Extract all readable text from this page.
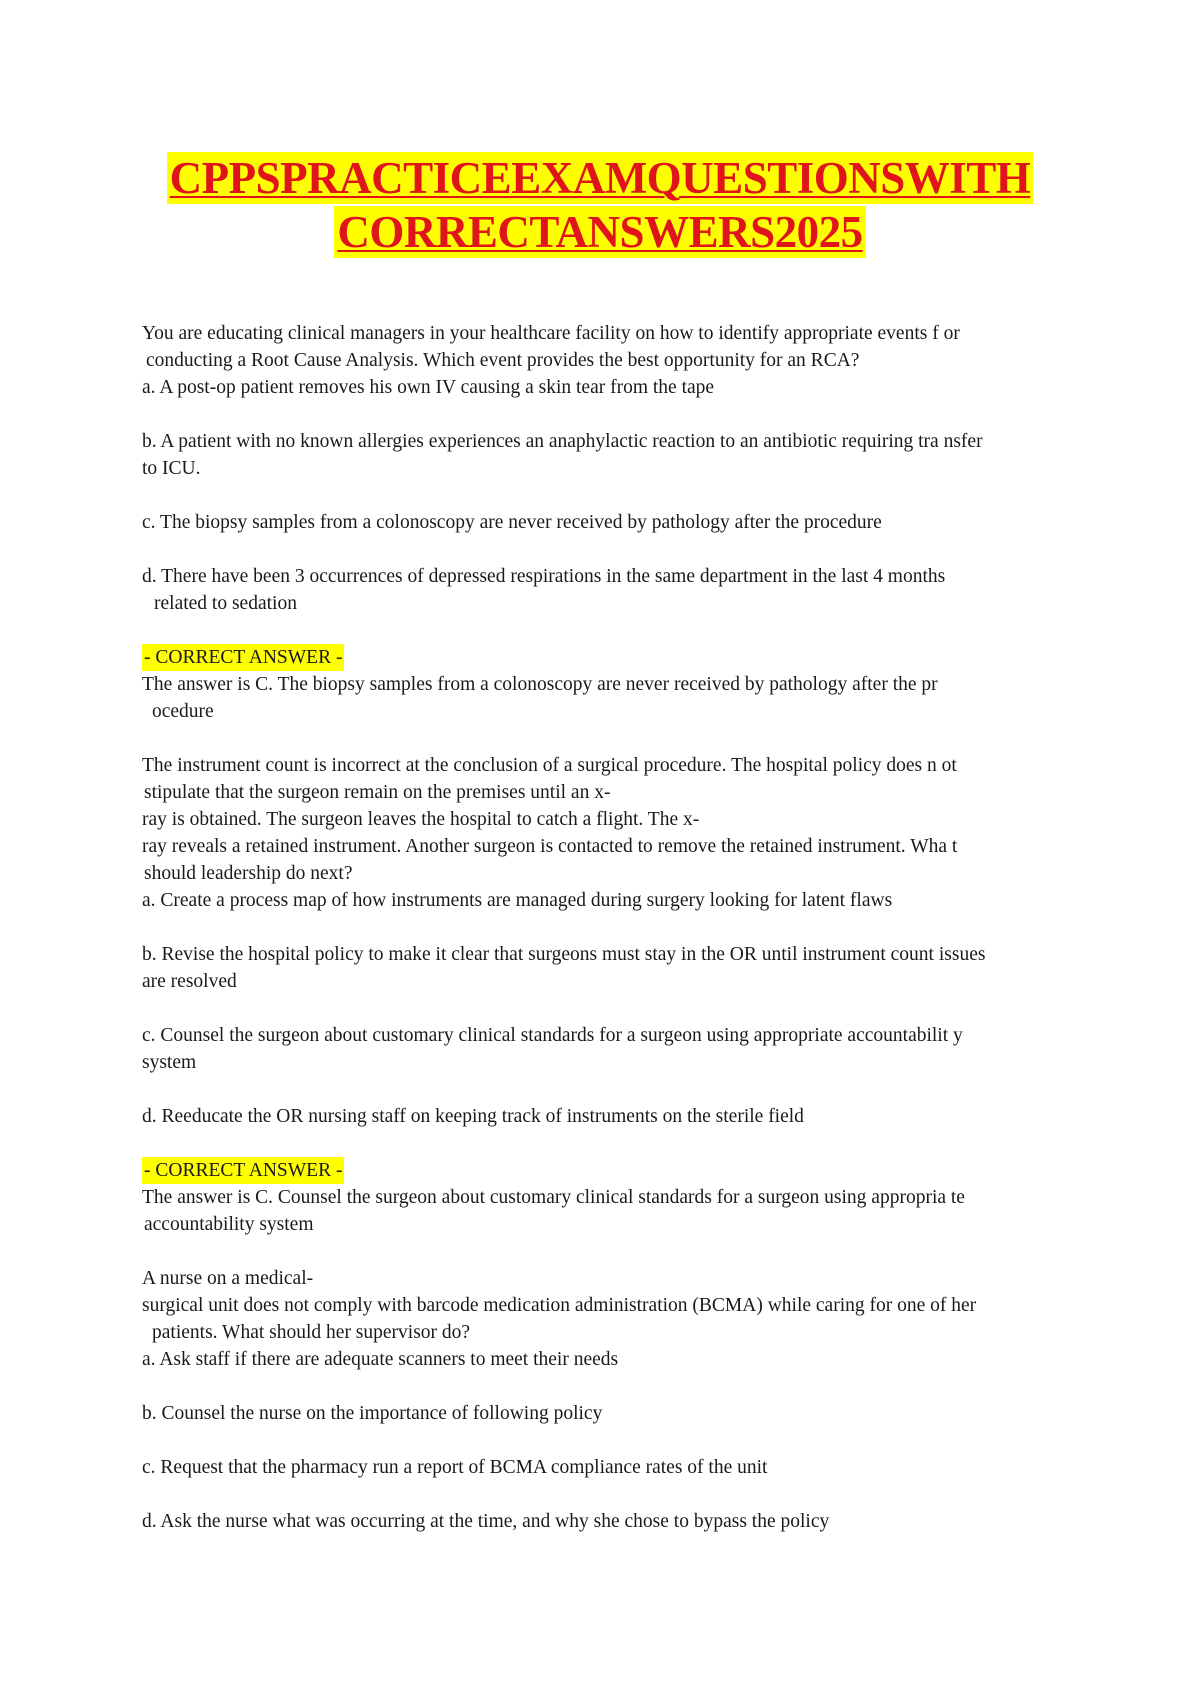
CPPSPRACTICEEXAMQUESTIONSWITH
CORRECTANSWERS2025
You are educating clinical managers in your healthcare facility on how to identify appropriate events f or
conducting a Root Cause Analysis. Which event provides the best opportunity for an RCA?
a. A post-op patient removes his own IV causing a skin tear from the tape
b. A patient with no known allergies experiences an anaphylactic reaction to an antibiotic requiring tra nsfer
to ICU.
c. The biopsy samples from a colonoscopy are never received by pathology after the procedure
d. There have been 3 occurrences of depressed respirations in the same department in the last 4 months
related to sedation
- CORRECT ANSWER -
The answer is C. The biopsy samples from a colonoscopy are never received by pathology after the pr
ocedure
The instrument count is incorrect at the conclusion of a surgical procedure. The hospital policy does n ot
stipulate that the surgeon remain on the premises until an x-
ray is obtained. The surgeon leaves the hospital to catch a flight. The x-
ray reveals a retained instrument. Another surgeon is contacted to remove the retained instrument. Wha t
should leadership do next?
a. Create a process map of how instruments are managed during surgery looking for latent flaws
b. Revise the hospital policy to make it clear that surgeons must stay in the OR until instrument count issues
are resolved
c. Counsel the surgeon about customary clinical standards for a surgeon using appropriate accountabilit y
system
d. Reeducate the OR nursing staff on keeping track of instruments on the sterile field
- CORRECT ANSWER -
The answer is C. Counsel the surgeon about customary clinical standards for a surgeon using appropria te
accountability system
A nurse on a medical-
surgical unit does not comply with barcode medication administration (BCMA) while caring for one of her
patients. What should her supervisor do?
a. Ask staff if there are adequate scanners to meet their needs
b. Counsel the nurse on the importance of following policy
c. Request that the pharmacy run a report of BCMA compliance rates of the unit
d. Ask the nurse what was occurring at the time, and why she chose to bypass the policy
